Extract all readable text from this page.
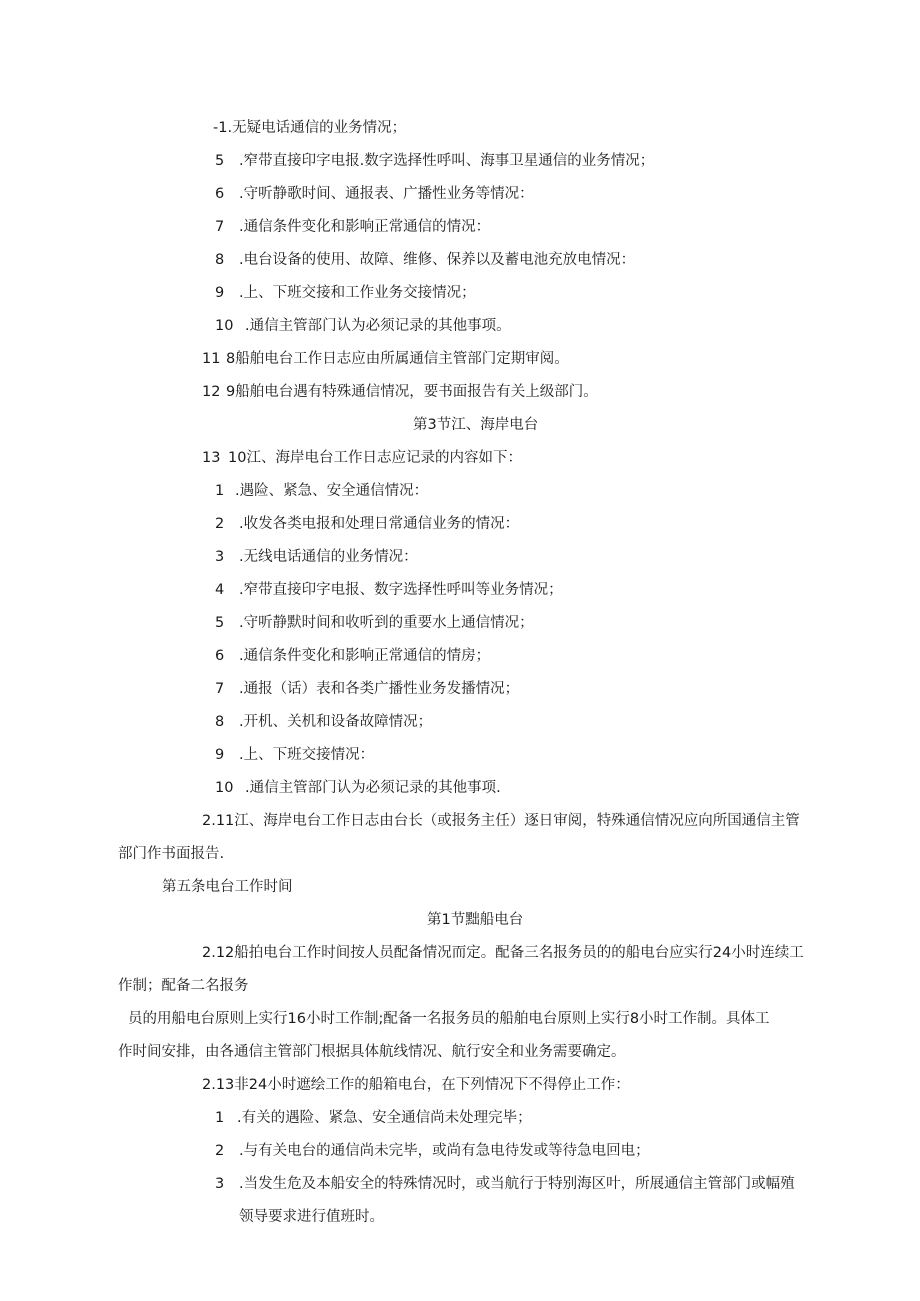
-1.无疑电话通信的业务情况；
5 .窄带直接印字电报.数字选择性呼叫、海事卫星通信的业务情况；
6 .守听静歌时间、通报表、广播性业务等情况：
7 .通信条件变化和影响正常通信的情况：
8 .电台设备的使用、故障、维修、保养以及蓄电池充放电情况：
9 .上、下班交接和工作业务交接情况；
10 .通信主管部门认为必须记录的其他事项。
11 8船舶电台工作日志应由所属通信主管部门定期审阅。
12 9船舶电台遇有特殊通信情况，要书面报告有关上级部门。
第3节江、海岸电台
13 10江、海岸电台工作日志应记录的内容如下：
1 .遇险、紧急、安全通信情况：
2 .收发各类电报和处理日常通信业务的情况：
3 .无线电话通信的业务情况：
4 .窄带直接印字电报、数字选择性呼叫等业务情况；
5 .守听静默时间和收听到的重要水上通信情况；
6 .通信条件变化和影响正常通信的情房；
7 .通报（话）表和各类广播性业务发播情况；
8 .开机、关机和设备故障情况；
9 .上、下班交接情况：
10 .通信主管部门认为必须记录的其他事项.
2.11江、海岸电台工作日志由台长（或报务主任）逐日审阅，特殊通信情况应向所国通信主管
部门作书面报告.
第五条电台工作时间
第1节黜船电台
2.12船拍电台工作时间按人员配备情况而定。配备三名报务员的的船电台应实行24小时连续工
作制；配备二名报务
员的用船电台原则上实行16小时工作制;配备一名报务员的船舶电台原则上实行8小时工作制。具体工
作时间安排，由各通信主管部门根据具体航线情况、航行安全和业务需要确定。
2.13非24小时遮绘工作的船箱电台，在下列情况下不得停止工作：
1 .有关的遇险、紧急、安全通信尚未处理完毕；
2 .与有关电台的通信尚未完毕，或尚有急电待发或等待急电回电；
3 .当发生危及本船安全的特殊情况时，或当航行于特别海区叶，所展通信主管部门或幅殖
领导要求进行值班时。
